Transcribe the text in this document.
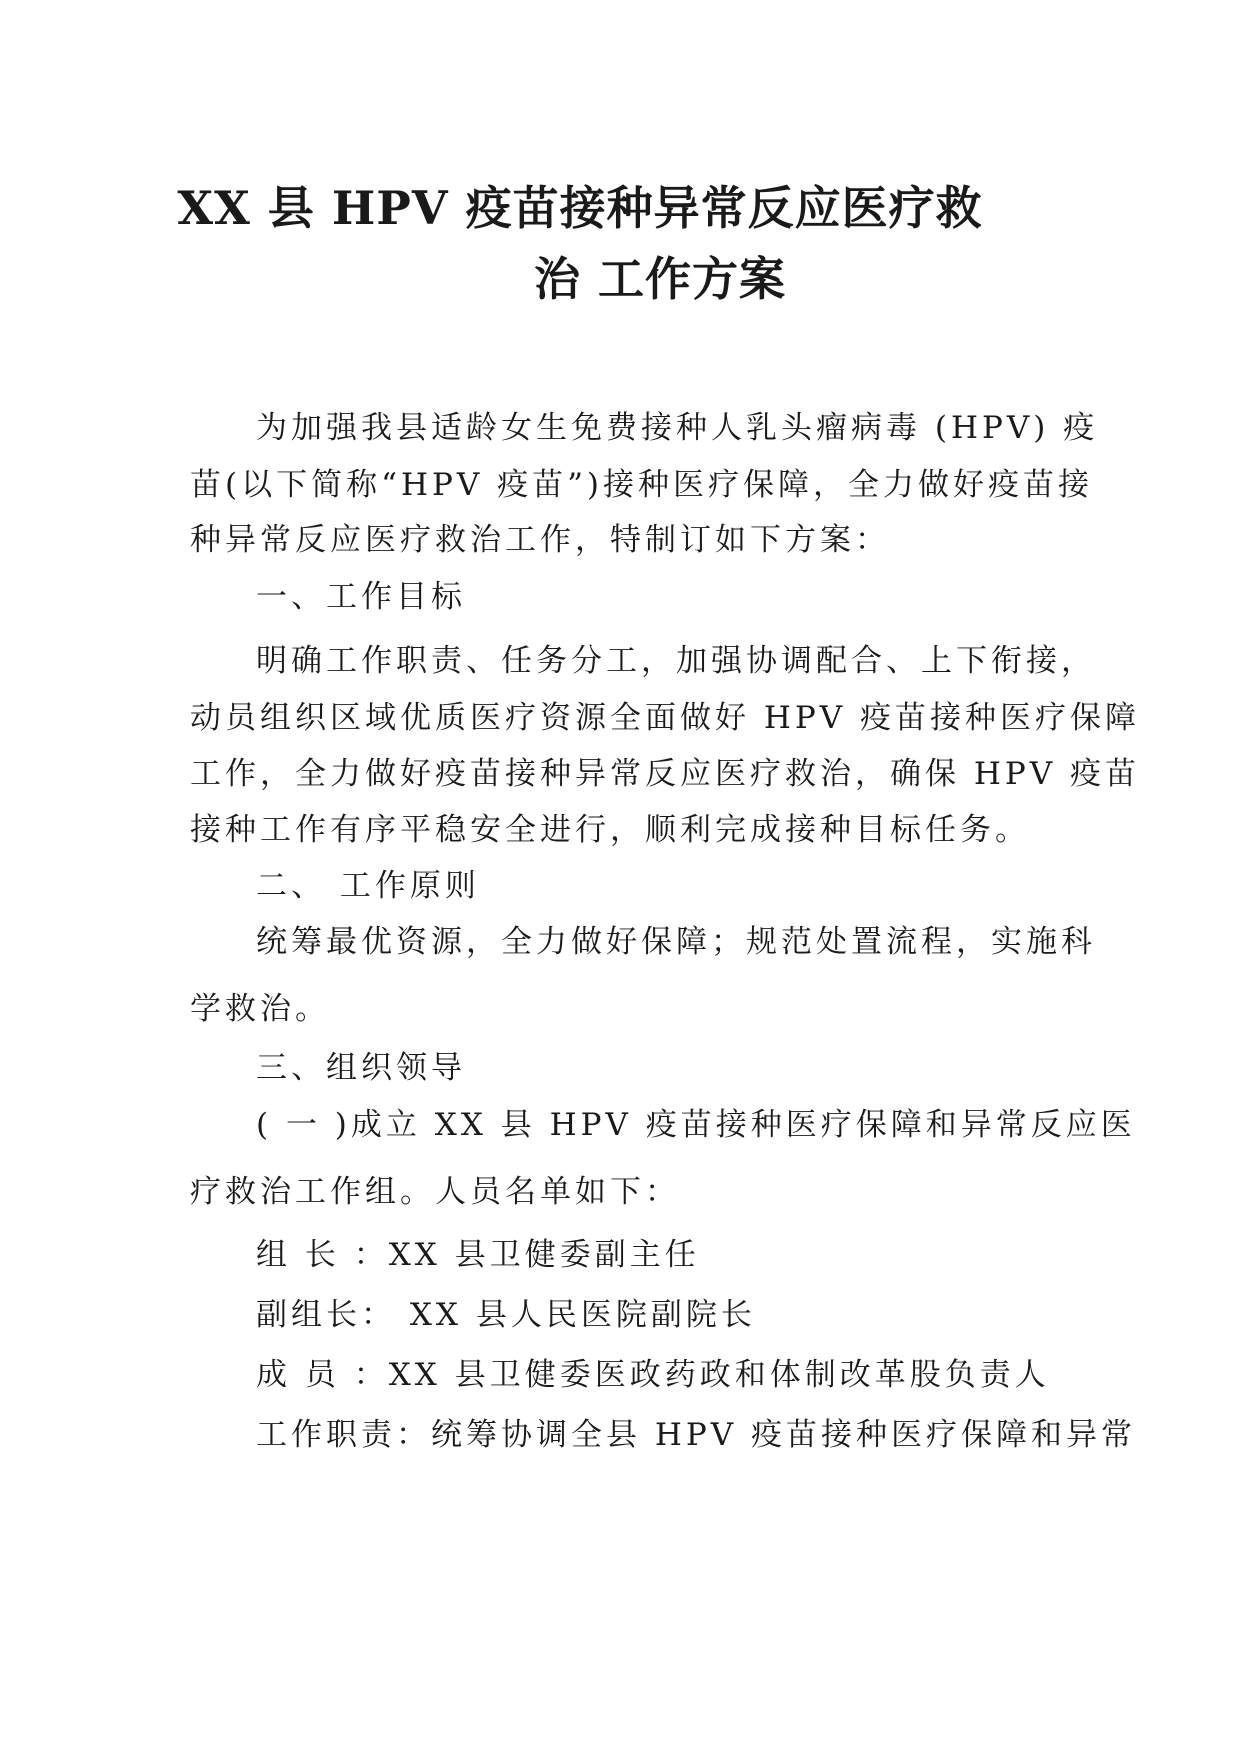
XX 县 HPV 疫苗接种异常反应医疗救
治 工作方案
为加强我县适龄女生免费接种人乳头瘤病毒 (HPV) 疫
苗(以下简称“HPV 疫苗”)接种医疗保障，全力做好疫苗接
种异常反应医疗救治工作，特制订如下方案：
一、工作目标
明确工作职责、任务分工，加强协调配合、上下衔接，
动员组织区域优质医疗资源全面做好 HPV 疫苗接种医疗保障
工作，全力做好疫苗接种异常反应医疗救治，确保 HPV 疫苗
接种工作有序平稳安全进行，顺利完成接种目标任务。
二、 工作原则
统筹最优资源，全力做好保障；规范处置流程，实施科
学救治。
三、组织领导
( 一 )成立 XX 县 HPV 疫苗接种医疗保障和异常反应医
疗救治工作组。人员名单如下：
组 长 ：XX 县卫健委副主任
副组长： XX 县人民医院副院长
成 员 ：XX 县卫健委医政药政和体制改革股负责人
工作职责：统筹协调全县 HPV 疫苗接种医疗保障和异常
